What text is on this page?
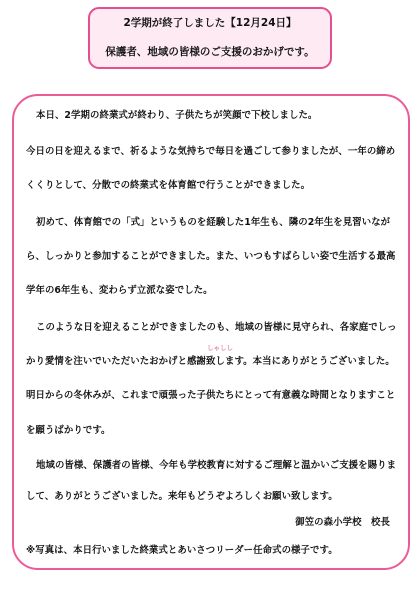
2学期が終了しました【12月24日】
保護者、地域の皆様のご支援のおかげです。
本日、2学期の終業式が終わり、子供たちが笑顔で下校しました。
今日の日を迎えるまで、祈るような気持ちで毎日を過ごして参りましたが、一年の締め
くくりとして、分散での終業式を体育館で行うことができました。
初めて、体育館での「式」というものを経験した1年生も、隣の2年生を見習いなが
ら、しっかりと参加することができました。また、いつもすばらしい姿で生活する最高
学年の6年生も、変わらず立派な姿でした。
このような日を迎えることができましたのも、地域の皆様に見守られ、各家庭でしっ
しゃしし
かり愛情を注いでいただいたおかげと感謝致します。本当にありがとうございました。
明日からの冬休みが、これまで頑張った子供たちにとって有意義な時間となりますこと
を願うばかりです。
地域の皆様、保護者の皆様、今年も学校教育に対するご理解と温かいご支援を賜りま
して、ありがとうございました。来年もどうぞよろしくお願い致します。
御笠の森小学校　校長
※写真は、本日行いました終業式とあいさつリーダー任命式の様子です。
